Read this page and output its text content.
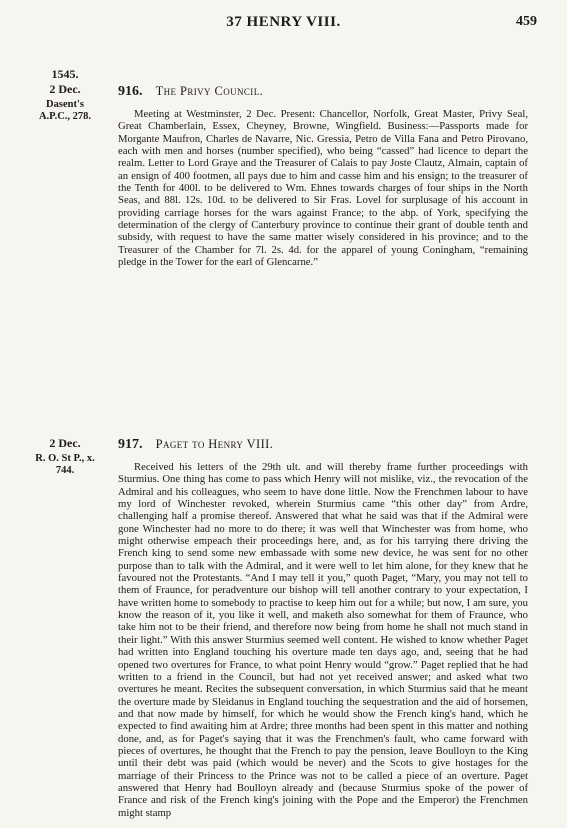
37 HENRY VIII.	459
1545.
2 Dec.
Dasent's A.P.C., 278.
916. The Privy Council.

Meeting at Westminster, 2 Dec. Present: Chancellor, Norfolk, Great Master, Privy Seal, Great Chamberlain, Essex, Cheyney, Browne, Wingfield. Business:—Passports made for Morgante Maufron, Charles de Navarre, Nic. Gressia, Petro de Villa Fana and Petro Pirovano, each with men and horses (number specified), who being “cassed” had licence to depart the realm. Letter to Lord Graye and the Treasurer of Calais to pay Joste Clautz, Almain, captain of an ensign of 400 footmen, all pays due to him and casse him and his ensign; to the treasurer of the Tenth for 400l. to be delivered to Wm. Ehnes towards charges of four ships in the North Seas, and 88l. 12s. 10d. to be delivered to Sir Fras. Lovel for surplusage of his account in providing carriage horses for the wars against France; to the abp. of York, specifying the determination of the clergy of Canterbury province to continue their grant of double tenth and subsidy, with request to have the same matter wisely considered in his province; and to the Treasurer of the Chamber for 7l. 2s. 4d. for the apparel of young Coningham, “remaining pledge in the Tower for the earl of Glencarne.”

2 Dec.
R. O. St P., x. 744.
917. Paget to Henry VIII.

Received his letters of the 29th ult. and will thereby frame further proceedings with Sturmius. One thing has come to pass which Henry will not mislike, viz., the revocation of the Admiral and his colleagues, who seem to have done little. Now the Frenchmen labour to have my lord of Winchester revoked, wherein Sturmius came “this other day” from Ardre, challenging half a promise thereof. Answered that what he said was that if the Admiral were gone Winchester had no more to do there; it was well that Winchester was from home, who might otherwise empeach their proceedings here, and, as for his tarrying there driving the French king to send some new embassade with some new device, he was sent for no other purpose than to talk with the Admiral, and it were well to let him alone, for they knew that he favoured not the Protestants. “And I may tell it you,” quoth Paget, “Mary, you may not tell to them of Fraunce, for peradventure our bishop will tell another contrary to your expectation, I have written home to somebody to practise to keep him out for a while; but now, I am sure, you know the reason of it, you like it well, and maketh also somewhat for them of Fraunce, who take him not to be their friend, and therefore now being from home he shall not much stand in their light.” With this answer Sturmius seemed well content. He wished to know whether Paget had written into England touching his overture made ten days ago, and, seeing that he had opened two overtures for France, to what point Henry would “grow.” Paget replied that he had written to a friend in the Council, but had not yet received answer; and asked what two overtures he meant. Recites the subsequent conversation, in which Sturmius said that he meant the overture made by Sleidanus in England touching the sequestration and the aid of horsemen, and that now made by himself, for which he would show the French king's hand, which he expected to find awaiting him at Ardre; three months had been spent in this matter and nothing done, and, as for Paget's saying that it was the Frenchmen's fault, who came forward with pieces of overtures, he thought that the French to pay the pension, leave Boulloyn to the King until their debt was paid (which would be never) and the Scots to give hostages for the marriage of their Princess to the Prince was not to be called a piece of an overture. Paget answered that Henry had Boulloyn already and (because Sturmius spoke of the power of France and risk of the French king's joining with the Pope and the Emperor) the Frenchmen might stamp
